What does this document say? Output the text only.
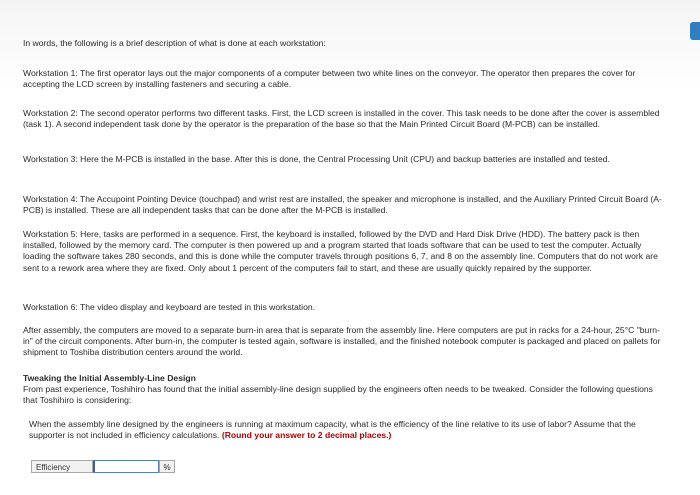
In words, the following is a brief description of what is done at each workstation:

Workstation 1: The first operator lays out the major components of a computer between two white lines on the conveyor. The operator then prepares the cover for accepting the LCD screen by installing fasteners and securing a cable.

Workstation 2: The second operator performs two different tasks. First, the LCD screen is installed in the cover. This task needs to be done after the cover is assembled (task 1). A second independent task done by the operator is the preparation of the base so that the Main Printed Circuit Board (M-PCB) can be installed.

Workstation 3: Here the M-PCB is installed in the base. After this is done, the Central Processing Unit (CPU) and backup batteries are installed and tested.

Workstation 4: The Accupoint Pointing Device (touchpad) and wrist rest are installed, the speaker and microphone is installed, and the Auxiliary Printed Circuit Board (A-PCB) is installed. These are all independent tasks that can be done after the M-PCB is installed.

Workstation 5: Here, tasks are performed in a sequence. First, the keyboard is installed, followed by the DVD and Hard Disk Drive (HDD). The battery pack is then installed, followed by the memory card. The computer is then powered up and a program started that loads software that can be used to test the computer. Actually loading the software takes 280 seconds, and this is done while the computer travels through positions 6, 7, and 8 on the assembly line. Computers that do not work are sent to a rework area where they are fixed. Only about 1 percent of the computers fail to start, and these are usually quickly repaired by the supporter.

Workstation 6: The video display and keyboard are tested in this workstation.

After assembly, the computers are moved to a separate burn-in area that is separate from the assembly line. Here computers are put in racks for a 24-hour, 25°C "burn-in" of the circuit components. After burn-in, the computer is tested again, software is installed, and the finished notebook computer is packaged and placed on pallets for shipment to Toshiba distribution centers around the world.

Tweaking the Initial Assembly-Line Design
From past experience, Toshihiro has found that the initial assembly-line design supplied by the engineers often needs to be tweaked. Consider the following questions that Toshihiro is considering:

When the assembly line designed by the engineers is running at maximum capacity, what is the efficiency of the line relative to its use of labor? Assume that the supporter is not included in efficiency calculations. (Round your answer to 2 decimal places.)

Efficiency	%
